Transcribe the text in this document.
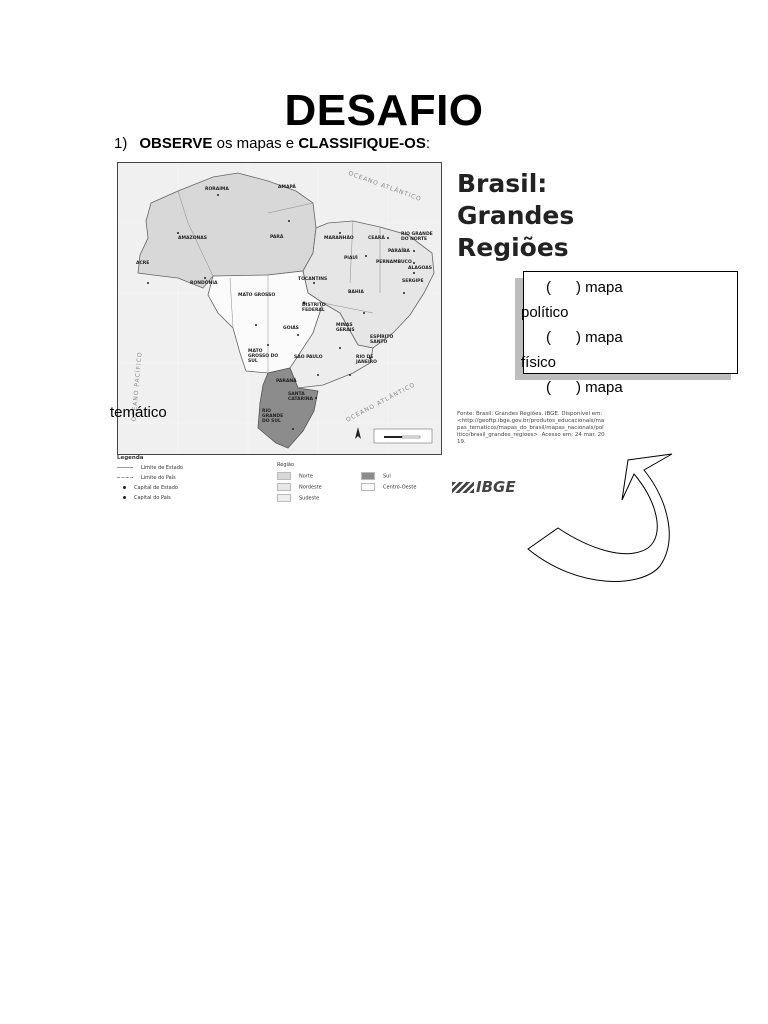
DESAFIO
1) OBSERVE os mapas e CLASSIFIQUE-OS:
RORAIMA	AMAPÁ
AMAZONAS	PARÁ	MARANHÃO	CEARÁ
RIO GRANDE DO NORTE
PIAUÍ
PARAÍBA
PERNAMBUCO
ALAGOAS
SERGIPE
ACRE
RONDÔNIA
TOCANTINS
BAHIA
MATO GROSSO
DISTRITO FEDERAL
GOIÁS
MINAS GERAIS
ESPÍRITO SANTO
MATO GROSSO DO SUL
SÃO PAULO	RIO DE JANEIRO
PARANÁ
SANTA CATARINA
RIO GRANDE DO SUL
OCEANO ATLÂNTICO
OCEANO ATLÂNTICO
OCEANO PACÍFICO
Brasil:
Grandes
Regiões
Fonte: Brasil: Grandes Regiões. IBGE. Disponível em: <http://geoftp.ibge.gov.br/produtos_educacionais/mapas_tematicos/mapas_do_brasil/mapas_nacionais/politico/brasil_grandes_regioes>. Acesso em: 24 mar. 2019.
Legenda
Limite de Estado
Limite do País
Capital de Estado
Capital do País
Região
Norte
Nordeste
Sudeste
Sul
Centro-Oeste	IBGE
( ) mapa
político
( ) mapa
físico
( ) mapa
temático
